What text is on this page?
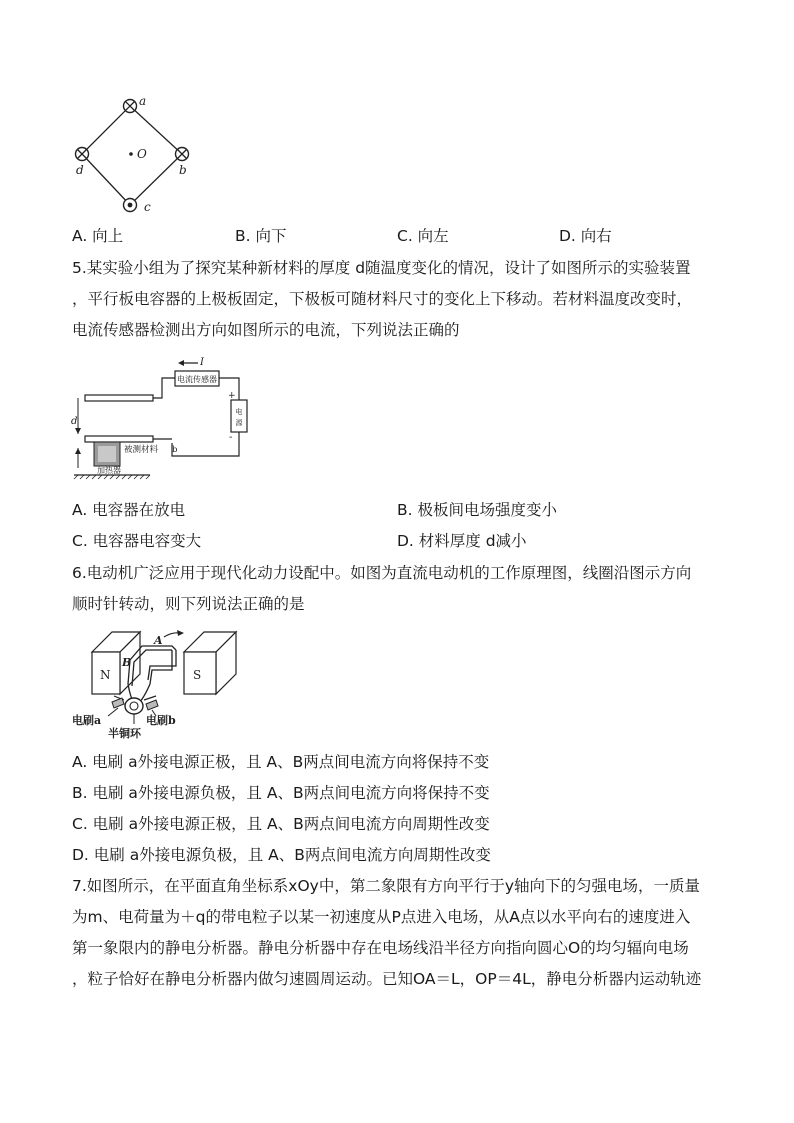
O
a
b
d
c
A. 向上	B. 向下	C. 向左	D. 向右
5.某实验小组为了探究某种新材料的厚度 d随温度变化的情况，设计了如图所示的实验装置
，平行板电容器的上极板固定，下极板可随材料尺寸的变化上下移动。若材料温度改变时，
电流传感器检测出方向如图所示的电流，下列说法正确的
I
电流传感器
电
源
+
-
被测材料 b
d
加热器
A. 电容器在放电	B. 极板间电场强度变小
C. 电容器电容变大	D. 材料厚度 d减小
6.电动机广泛应用于现代化动力设配中。如图为直流电动机的工作原理图，线圈沿图示方向
顺时针转动，则下列说法正确的是
N	S
A
B
电刷a	电刷b
半铜环
A. 电刷 a外接电源正极，且 A、B两点间电流方向将保持不变
B. 电刷 a外接电源负极，且 A、B两点间电流方向将保持不变
C. 电刷 a外接电源正极，且 A、B两点间电流方向周期性改变
D. 电刷 a外接电源负极，且 A、B两点间电流方向周期性改变
7.如图所示，在平面直角坐标系xOy中，第二象限有方向平行于y轴向下的匀强电场，一质量
为m、电荷量为＋q的带电粒子以某一初速度从P点进入电场，从A点以水平向右的速度进入
第一象限内的静电分析器。静电分析器中存在电场线沿半径方向指向圆心O的均匀辐向电场
，粒子恰好在静电分析器内做匀速圆周运动。已知OA＝L，OP＝4L，静电分析器内运动轨迹
